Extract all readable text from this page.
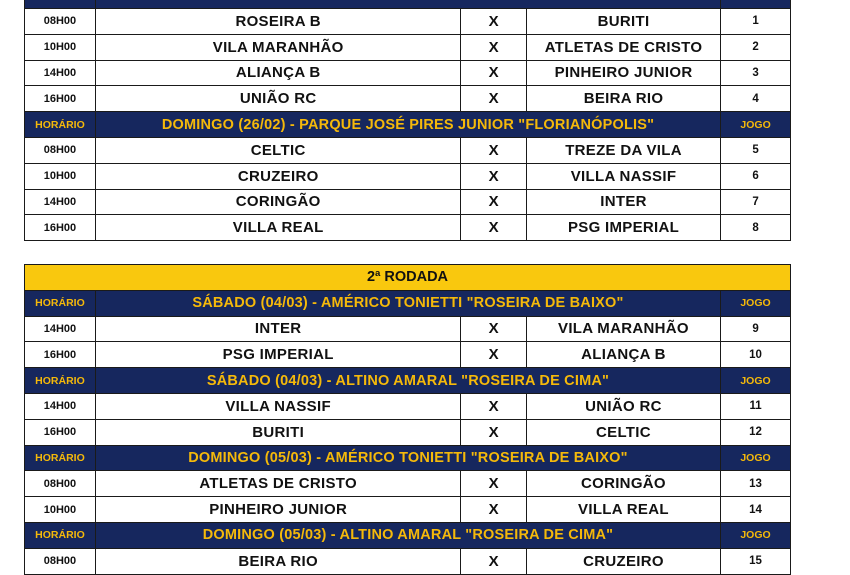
08H00	ROSEIRA B	X	BURITI	1
10H00	VILA MARANHÃO	X	ATLETAS DE CRISTO	2
14H00	ALIANÇA B	X	PINHEIRO JUNIOR	3
16H00	UNIÃO RC	X	BEIRA RIO	4
HORÁRIO	DOMINGO (26/02) - PARQUE JOSÉ PIRES JUNIOR "FLORIANÓPOLIS"			JOGO
08H00	CELTIC	X	TREZE DA VILA	5
10H00	CRUZEIRO	X	VILLA NASSIF	6
14H00	CORINGÃO	X	INTER	7
16H00	VILLA REAL	X	PSG IMPERIAL	8
2ª RODADA				
HORÁRIO	SÁBADO (04/03) - AMÉRICO TONIETTI "ROSEIRA DE BAIXO"			JOGO
14H00	INTER	X	VILA MARANHÃO	9
16H00	PSG IMPERIAL	X	ALIANÇA B	10
HORÁRIO	SÁBADO (04/03) - ALTINO AMARAL "ROSEIRA DE CIMA"			JOGO
14H00	VILLA NASSIF	X	UNIÃO RC	11
16H00	BURITI	X	CELTIC	12
HORÁRIO	DOMINGO (05/03) - AMÉRICO TONIETTI "ROSEIRA DE BAIXO"			JOGO
08H00	ATLETAS DE CRISTO	X	CORINGÃO	13
10H00	PINHEIRO JUNIOR	X	VILLA REAL	14
HORÁRIO	DOMINGO (05/03) - ALTINO AMARAL "ROSEIRA DE CIMA"			JOGO
08H00	BEIRA RIO	X	CRUZEIRO	15
